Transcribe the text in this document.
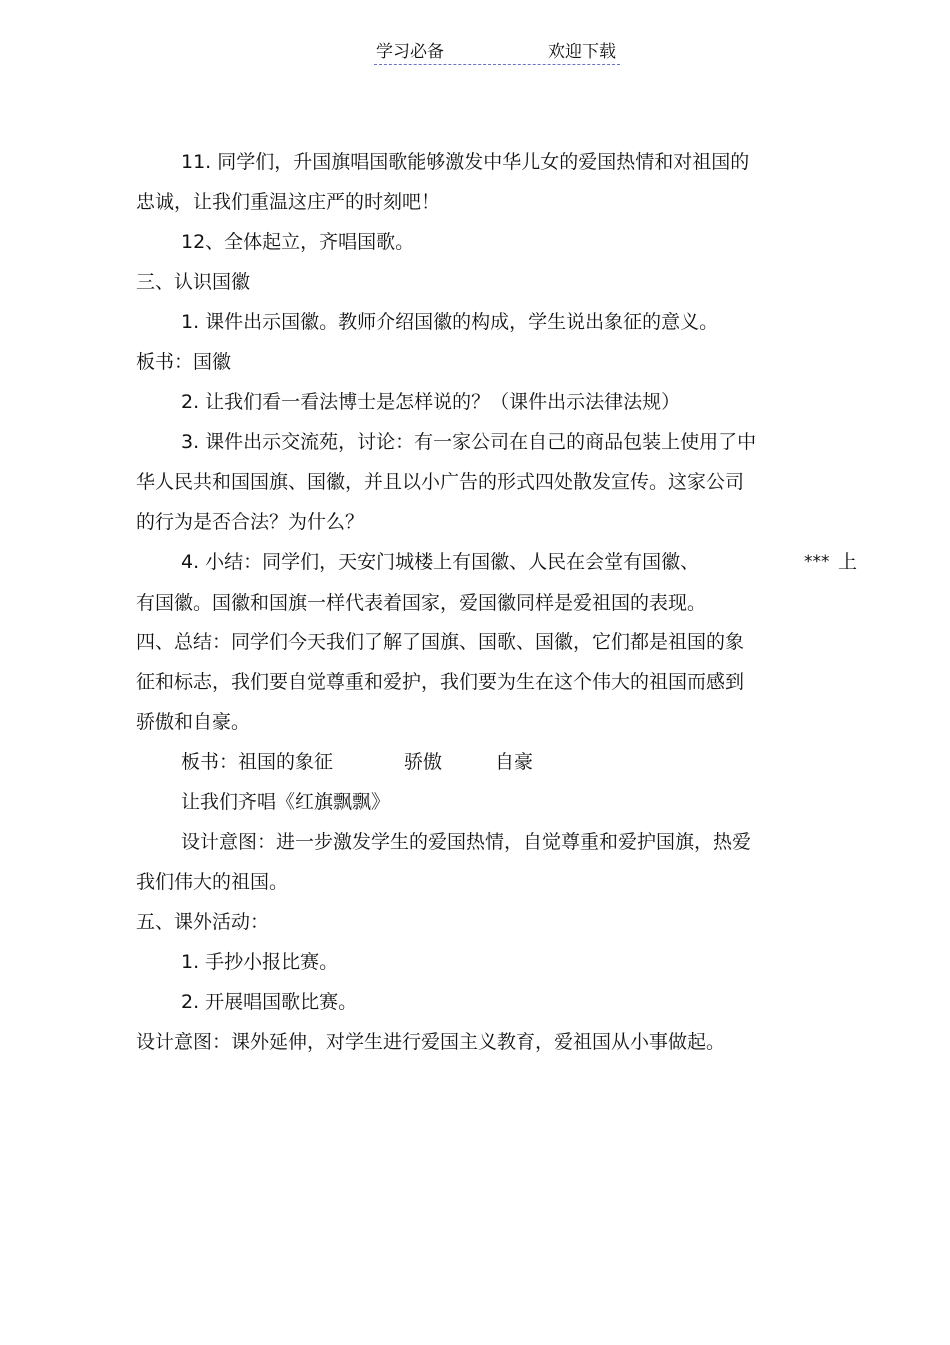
学习必备	欢迎下载
11. 同学们，升国旗唱国歌能够激发中华儿女的爱国热情和对祖国的
忠诚，让我们重温这庄严的时刻吧！
12、全体起立，齐唱国歌。
三、认识国徽
1. 课件出示国徽。教师介绍国徽的构成，学生说出象征的意义。
板书：国徽
2. 让我们看一看法博士是怎样说的？（课件出示法律法规）
3. 课件出示交流苑，讨论：有一家公司在自己的商品包装上使用了中
华人民共和国国旗、国徽，并且以小广告的形式四处散发宣传。这家公司
的行为是否合法？为什么？
4. 小结：同学们，天安门城楼上有国徽、人民在会堂有国徽、	*** 上
有国徽。国徽和国旗一样代表着国家，爱国徽同样是爱祖国的表现。
四、总结：同学们今天我们了解了国旗、国歌、国徽，它们都是祖国的象
征和标志，我们要自觉尊重和爱护，我们要为生在这个伟大的祖国而感到
骄傲和自豪。
板书：祖国的象征	骄傲	自豪
让我们齐唱《红旗飘飘》
设计意图：进一步激发学生的爱国热情，自觉尊重和爱护国旗，热爱
我们伟大的祖国。
五、课外活动：
1. 手抄小报比赛。
2. 开展唱国歌比赛。
设计意图：课外延伸，对学生进行爱国主义教育，爱祖国从小事做起。
